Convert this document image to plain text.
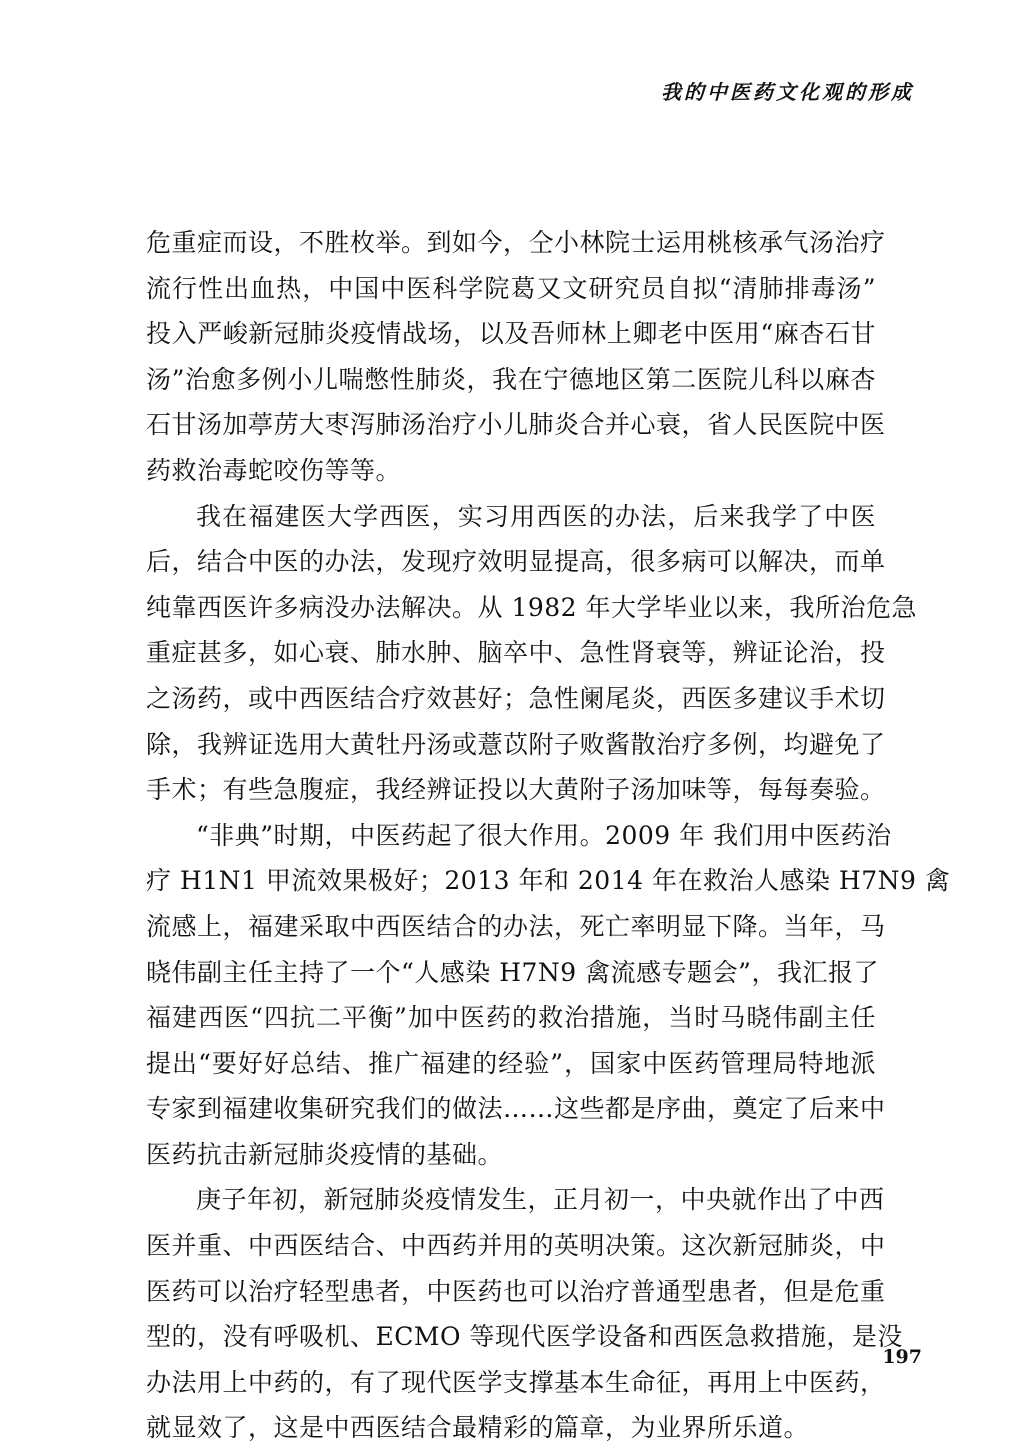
我的中医药文化观的形成
危重症而设，不胜枚举。到如今，仝小林院士运用桃核承气汤治疗
流行性出血热，中国中医科学院葛又文研究员自拟“清肺排毒汤”
投入严峻新冠肺炎疫情战场，以及吾师林上卿老中医用“麻杏石甘
汤”治愈多例小儿喘憋性肺炎，我在宁德地区第二医院儿科以麻杏
石甘汤加葶苈大枣泻肺汤治疗小儿肺炎合并心衰，省人民医院中医
药救治毒蛇咬伤等等。
我在福建医大学西医，实习用西医的办法，后来我学了中医
后，结合中医的办法，发现疗效明显提高，很多病可以解决，而单
纯靠西医许多病没办法解决。从 1982 年大学毕业以来，我所治危急
重症甚多，如心衰、肺水肿、脑卒中、急性肾衰等，辨证论治，投
之汤药，或中西医结合疗效甚好；急性阑尾炎，西医多建议手术切
除，我辨证选用大黄牡丹汤或薏苡附子败酱散治疗多例，均避免了
手术；有些急腹症，我经辨证投以大黄附子汤加味等，每每奏验。
“非典”时期，中医药起了很大作用。2009 年 我们用中医药治
疗 H1N1 甲流效果极好；2013 年和 2014 年在救治人感染 H7N9 禽
流感上，福建采取中西医结合的办法，死亡率明显下降。当年，马
晓伟副主任主持了一个“人感染 H7N9 禽流感专题会”，我汇报了
福建西医“四抗二平衡”加中医药的救治措施，当时马晓伟副主任
提出“要好好总结、推广福建的经验”，国家中医药管理局特地派
专家到福建收集研究我们的做法……这些都是序曲，奠定了后来中
医药抗击新冠肺炎疫情的基础。
庚子年初，新冠肺炎疫情发生，正月初一，中央就作出了中西
医并重、中西医结合、中西药并用的英明决策。这次新冠肺炎，中
医药可以治疗轻型患者，中医药也可以治疗普通型患者，但是危重
型的，没有呼吸机、ECMO 等现代医学设备和西医急救措施，是没
办法用上中药的，有了现代医学支撑基本生命征，再用上中医药，
就显效了，这是中西医结合最精彩的篇章，为业界所乐道。
197
